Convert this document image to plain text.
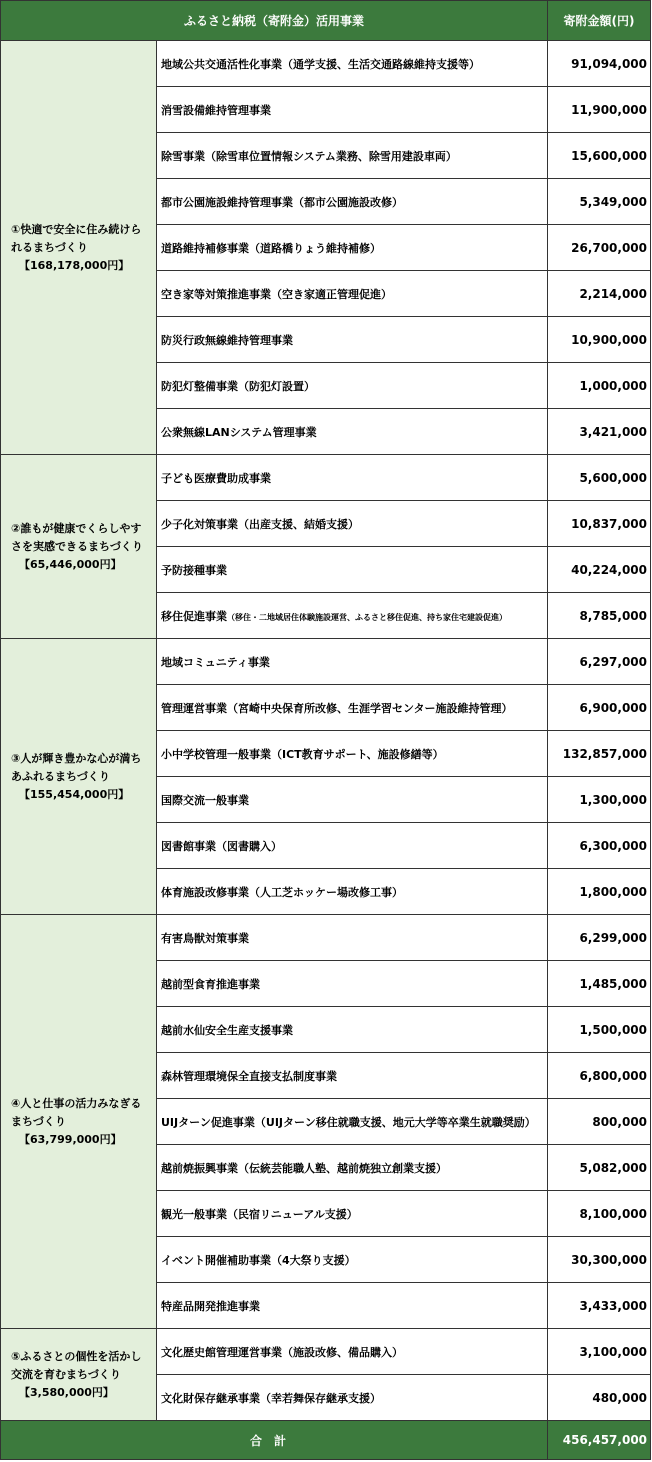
ふるさと納税（寄附金）活用事業		寄附金額(円)

①快適で安全に住み続けられるまちづくり
【168,178,000円】	地域公共交通活性化事業（通学支援、生活交通路線維持支援等）	91,094,000
	消雪設備維持管理事業	11,900,000
	除雪事業（除雪車位置情報システム業務、除雪用建設車両）	15,600,000
	都市公園施設維持管理事業（都市公園施設改修）	5,349,000
	道路維持補修事業（道路橋りょう維持補修）	26,700,000
	空き家等対策推進事業（空き家適正管理促進）	2,214,000
	防災行政無線維持管理事業	10,900,000
	防犯灯整備事業（防犯灯設置）	1,000,000
	公衆無線LANシステム管理事業	3,421,000

②誰もが健康でくらしやすさを実感できるまちづくり
【65,446,000円】	子ども医療費助成事業	5,600,000
	少子化対策事業（出産支援、結婚支援）	10,837,000
	予防接種事業	40,224,000
	移住促進事業（移住・二地域居住体験施設運営、ふるさと移住促進、持ち家住宅建設促進）	8,785,000

③人が輝き豊かな心が満ちあふれるまちづくり
【155,454,000円】	地域コミュニティ事業	6,297,000
	管理運営事業（宮崎中央保育所改修、生涯学習センター施設維持管理）	6,900,000
	小中学校管理一般事業（ICT教育サポート、施設修繕等）	132,857,000
	国際交流一般事業	1,300,000
	図書館事業（図書購入）	6,300,000
	体育施設改修事業（人工芝ホッケー場改修工事）	1,800,000

④人と仕事の活力みなぎるまちづくり
【63,799,000円】	有害鳥獣対策事業	6,299,000
	越前型食育推進事業	1,485,000
	越前水仙安全生産支援事業	1,500,000
	森林管理環境保全直接支払制度事業	6,800,000
	UIJターン促進事業（UIJターン移住就職支援、地元大学等卒業生就職奨励）	800,000
	越前焼振興事業（伝統芸能職人塾、越前焼独立創業支援）	5,082,000
	観光一般事業（民宿リニューアル支援）	8,100,000
	イベント開催補助事業（4大祭り支援）	30,300,000
	特産品開発推進事業	3,433,000

⑤ふるさとの個性を活かし交流を育むまちづくり
【3,580,000円】	文化歴史館管理運営事業（施設改修、備品購入）	3,100,000
	文化財保存継承事業（幸若舞保存継承支援）	480,000
合計		456,457,000
